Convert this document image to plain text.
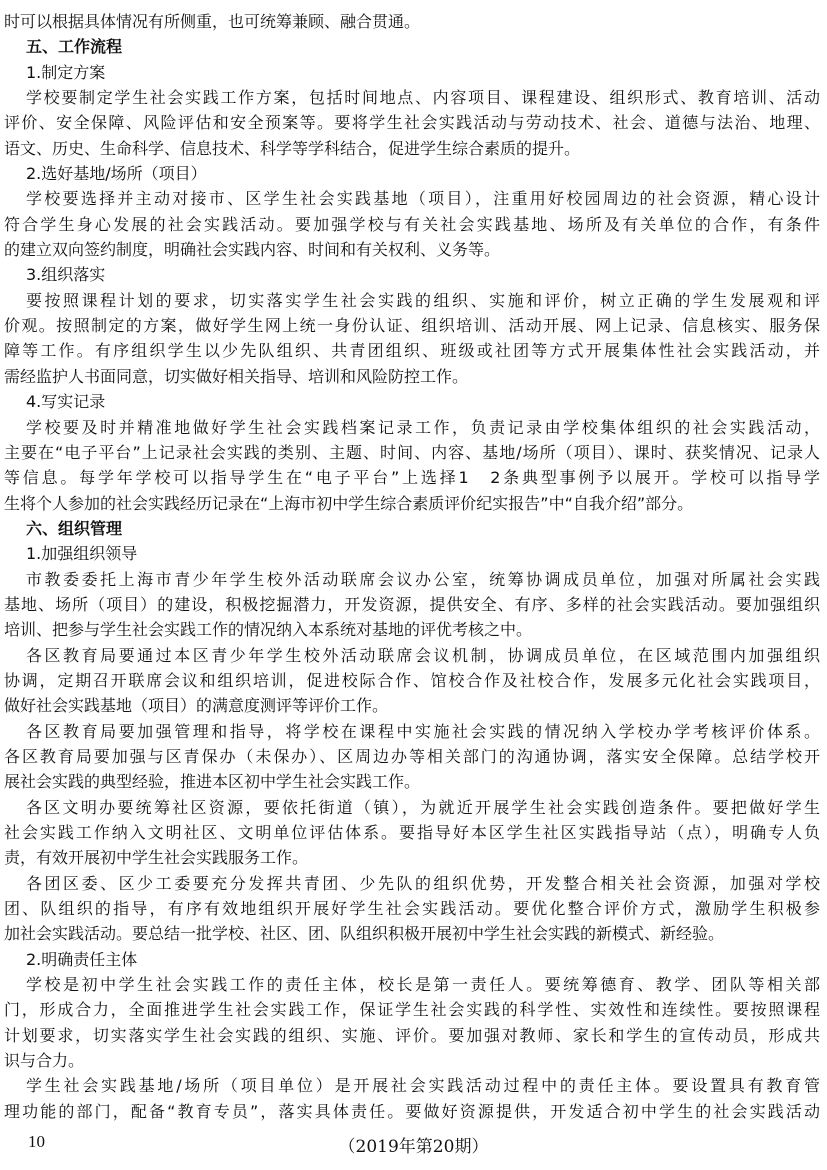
时可以根据具体情况有所侧重，也可统筹兼顾、融合贯通。
五、工作流程
1.制定方案
学校要制定学生社会实践工作方案，包括时间地点、内容项目、课程建设、组织形式、教育培训、活动
评价、安全保障、风险评估和安全预案等。要将学生社会实践活动与劳动技术、社会、道德与法治、地理、
语文、历史、生命科学、信息技术、科学等学科结合，促进学生综合素质的提升。
2.选好基地/场所（项目）
学校要选择并主动对接市、区学生社会实践基地（项目），注重用好校园周边的社会资源，精心设计
符合学生身心发展的社会实践活动。要加强学校与有关社会实践基地、场所及有关单位的合作，有条件
的建立双向签约制度，明确社会实践内容、时间和有关权利、义务等。
3.组织落实
要按照课程计划的要求，切实落实学生社会实践的组织、实施和评价，树立正确的学生发展观和评
价观。按照制定的方案，做好学生网上统一身份认证、组织培训、活动开展、网上记录、信息核实、服务保
障等工作。有序组织学生以少先队组织、共青团组织、班级或社团等方式开展集体性社会实践活动，并
需经监护人书面同意，切实做好相关指导、培训和风险防控工作。
4.写实记录
学校要及时并精准地做好学生社会实践档案记录工作，负责记录由学校集体组织的社会实践活动，
主要在“电子平台”上记录社会实践的类别、主题、时间、内容、基地/场所（项目）、课时、获奖情况、记录人
等信息。每学年学校可以指导学生在“电子平台”上选择1　2条典型事例予以展开。学校可以指导学
生将个人参加的社会实践经历记录在“上海市初中学生综合素质评价纪实报告”中“自我介绍”部分。
六、组织管理
1.加强组织领导
市教委委托上海市青少年学生校外活动联席会议办公室，统筹协调成员单位，加强对所属社会实践
基地、场所（项目）的建设，积极挖掘潜力，开发资源，提供安全、有序、多样的社会实践活动。要加强组织
培训、把参与学生社会实践工作的情况纳入本系统对基地的评优考核之中。
各区教育局要通过本区青少年学生校外活动联席会议机制，协调成员单位，在区域范围内加强组织
协调，定期召开联席会议和组织培训，促进校际合作、馆校合作及社校合作，发展多元化社会实践项目，
做好社会实践基地（项目）的满意度测评等评价工作。
各区教育局要加强管理和指导，将学校在课程中实施社会实践的情况纳入学校办学考核评价体系。
各区教育局要加强与区青保办（未保办）、区周边办等相关部门的沟通协调，落实安全保障。总结学校开
展社会实践的典型经验，推进本区初中学生社会实践工作。
各区文明办要统筹社区资源，要依托街道（镇），为就近开展学生社会实践创造条件。要把做好学生
社会实践工作纳入文明社区、文明单位评估体系。要指导好本区学生社区实践指导站（点），明确专人负
责，有效开展初中学生社会实践服务工作。
各团区委、区少工委要充分发挥共青团、少先队的组织优势，开发整合相关社会资源，加强对学校
团、队组织的指导，有序有效地组织开展好学生社会实践活动。要优化整合评价方式，激励学生积极参
加社会实践活动。要总结一批学校、社区、团、队组织积极开展初中学生社会实践的新模式、新经验。
2.明确责任主体
学校是初中学生社会实践工作的责任主体，校长是第一责任人。要统筹德育、教学、团队等相关部
门，形成合力，全面推进学生社会实践工作，保证学生社会实践的科学性、实效性和连续性。要按照课程
计划要求，切实落实学生社会实践的组织、实施、评价。要加强对教师、家长和学生的宣传动员，形成共
识与合力。
学生社会实践基地/场所（项目单位）是开展社会实践活动过程中的责任主体。要设置具有教育管
理功能的部门，配备“教育专员”，落实具体责任。要做好资源提供，开发适合初中学生的社会实践活动
10	（2019年第20期）
